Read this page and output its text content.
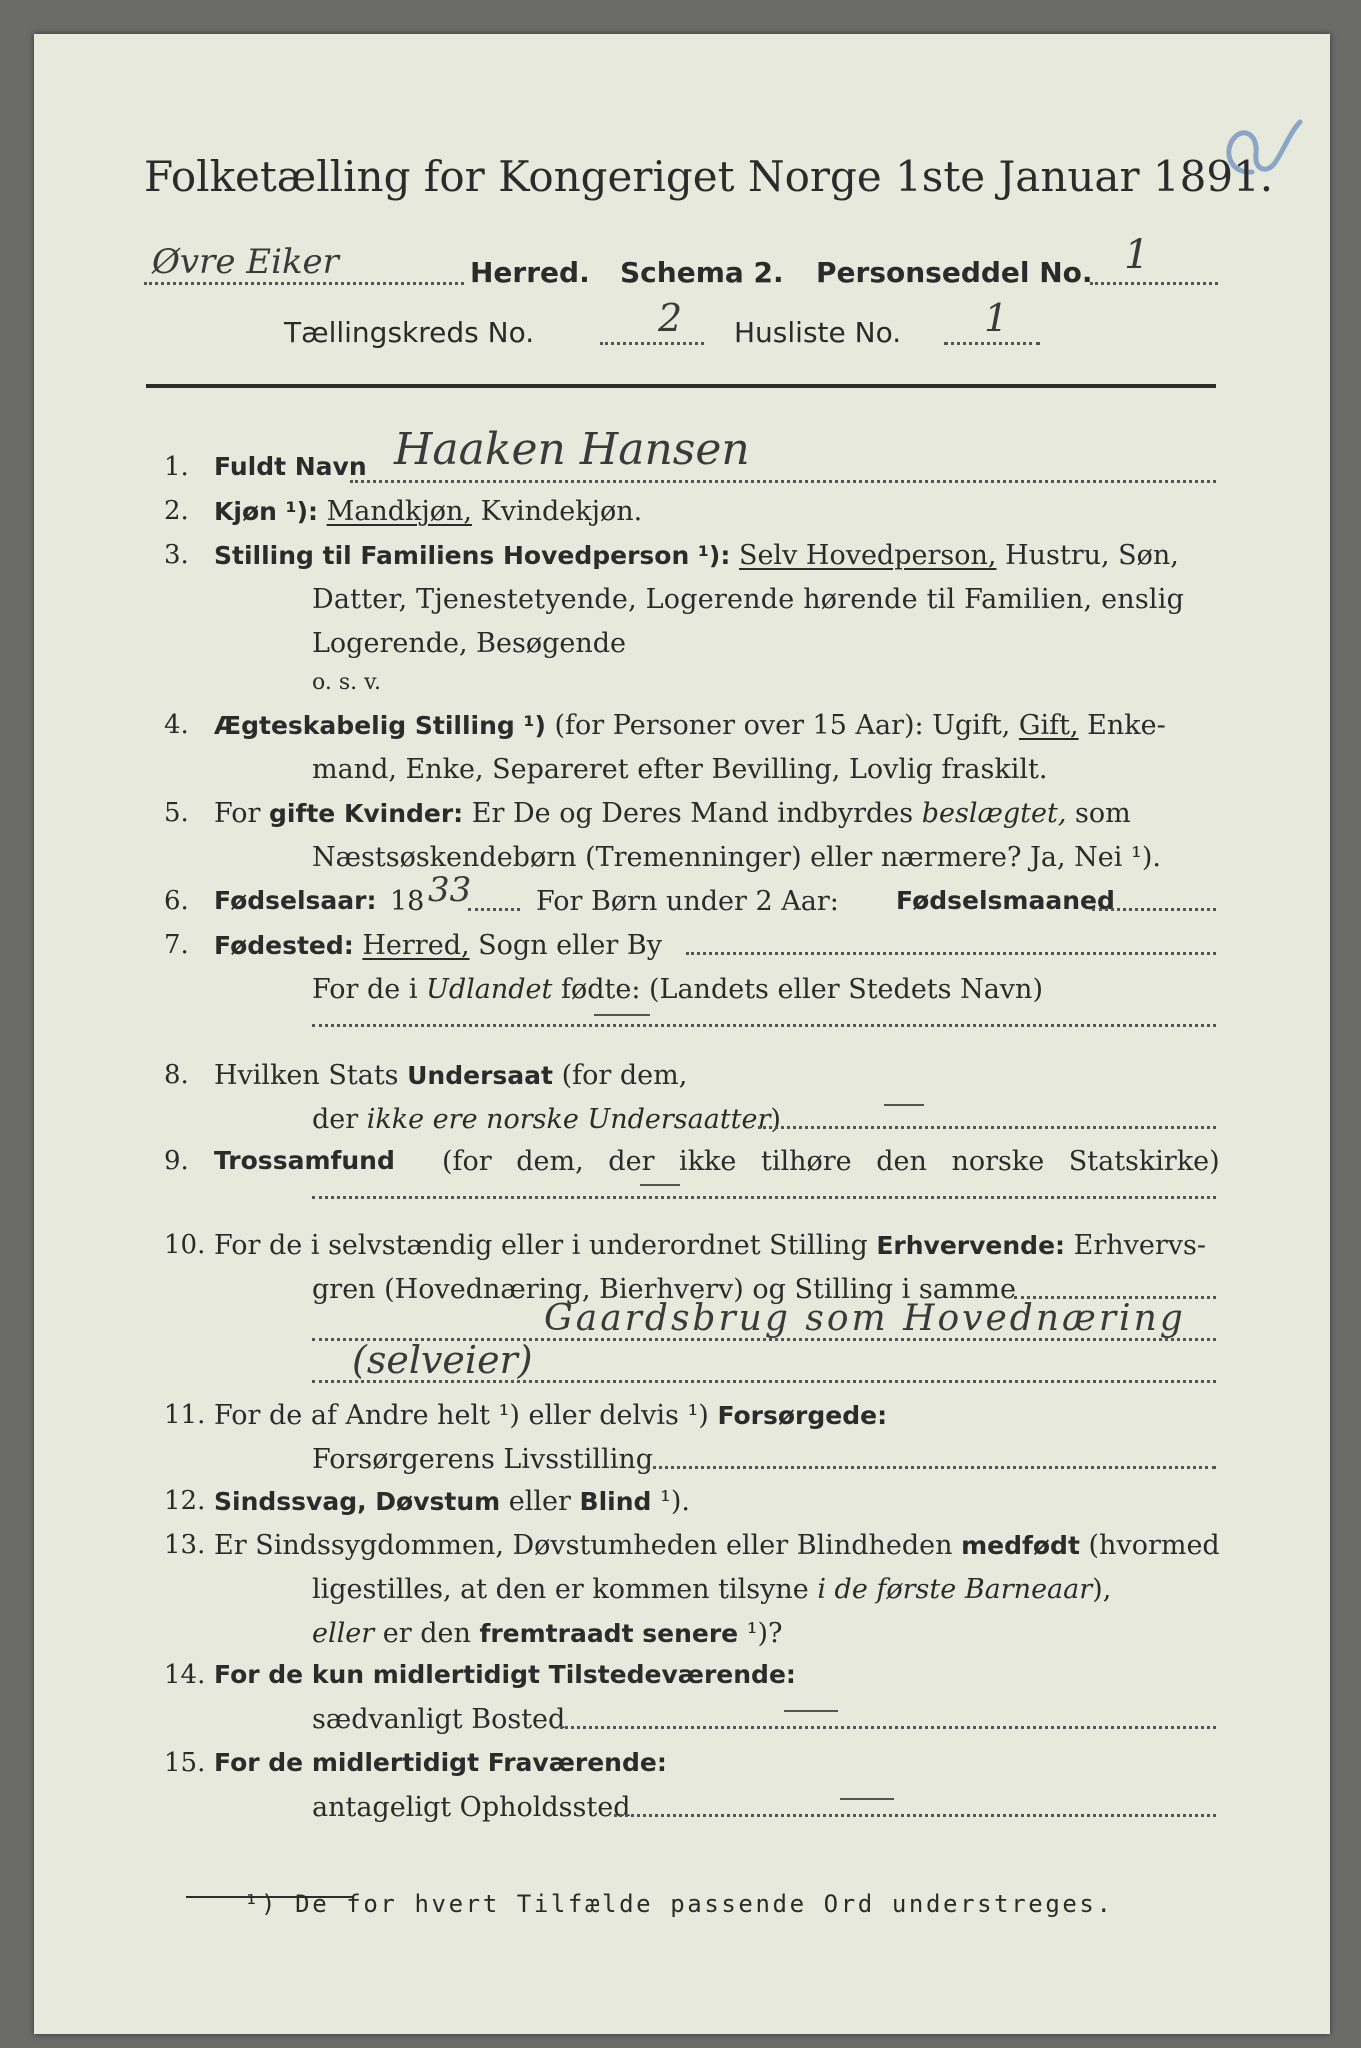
Folketælling for Kongeriget Norge 1ste Januar 1891.
Øvre Eiker	Herred. Schema 2. Personseddel No. 1
Tællingskreds No.	2 Husliste No. 1
1. Fuldt Navn Haaken Hansen
2. Kjøn ¹): Mandkjøn, Kvindekjøn.
3. Stilling til Familiens Hovedperson ¹): Selv Hovedperson, Hustru, Søn,
Datter, Tjenestetyende, Logerende hørende til Familien, enslig
Logerende, Besøgende
o. s. v.
4. Ægteskabelig Stilling ¹) (for Personer over 15 Aar): Ugift, Gift, Enke-
mand, Enke, Separeret efter Bevilling, Lovlig fraskilt.
5. For gifte Kvinder: Er De og Deres Mand indbyrdes beslægtet, som
Næstsøskendebørn (Tremenninger) eller nærmere? Ja, Nei ¹).
6. Fødselsaar: 18 33 For Børn under 2 Aar: Fødselsmaaned
7. Fødested: Herred, Sogn eller By
For de i Udlandet fødte: (Landets eller Stedets Navn)
8. Hvilken Stats Undersaat (for dem,
der ikke ere norske Undersaatter)
9. Trossamfund (for dem, der ikke tilhøre den norske Statskirke)
10. For de i selvstændig eller i underordnet Stilling Erhvervende: Erhvervs-
gren (Hovednæring, Bierhverv) og Stilling i samme
Gaardsbrug som Hovednæring
(selveier)
11. For de af Andre helt ¹) eller delvis ¹) Forsørgede:
Forsørgerens Livsstilling
12. Sindssvag, Døvstum eller Blind ¹).
13. Er Sindssygdommen, Døvstumheden eller Blindheden medfødt (hvormed
ligestilles, at den er kommen tilsyne i de første Barneaar),
eller er den fremtraadt senere ¹)?
14. For de kun midlertidigt Tilstedeværende:
sædvanligt Bosted
15. For de midlertidigt Fraværende:
antageligt Opholdssted
¹) De for hvert Tilfælde passende Ord understreges.
